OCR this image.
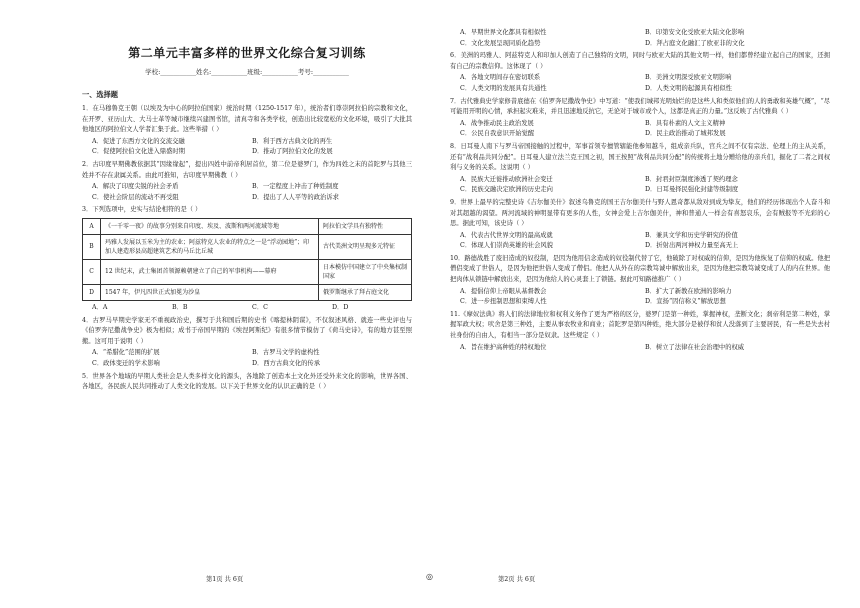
第二单元丰富多样的世界文化综合复习训练
学校:___________姓名:___________班级:___________考号:___________
一、选择题
1．在马穆鲁克王朝（以埃及为中心的阿拉伯国家）统治时期（1250-1517 年），统治者们尊崇阿拉伯的宗教和文化，在开罗、亚历山大、大马士革等城市继续兴建图书馆，清真寺和各类学校，创造出比较宽松的文化环境，吸引了大批其他地区的阿拉伯文人学者汇集于此。这些举措（ ）
A．促进了东西方文化的交流交融	B．利于西方古典文化的再生
C．促使阿拉伯文化进入鼎盛时期	D．推动了阿拉伯文化的发展
2．古印度早期佛教依据其“因缘缘起”，提出四姓中前帝利居首位，第二位是婆罗门，作为四姓之末的首陀罗与其他三姓并不存在隶属关系。由此可推知，古印度早期佛教（ ）
A．解决了印度尖锐的社会矛盾	B．一定程度上冲击了种姓制度
C．使社会阶层的流动不再受阻	D．提出了人人平等的政治诉求
3．下列选项中，史实与结论相符的是（ ）
A	《一千零一夜》的故事分别来自印度、埃及、波斯和两河流域等地	阿拉伯文学具有独特性
B	玛雅人发展以玉米为主的农业；阿兹特克人农业的特点之一是“浮动园地”；印加人建造形县高超建筑艺术的马丘比丘城	古代美洲文明呈现多元特征
C	12 世纪末，武士集团首领源赖朝建立了自己的军事机构——幕府	日本模仿中国建立了中央集权制国家
D	1547 年，伊凡四世正式加冕为沙皇	俄罗斯继承了拜占庭文化
A．A	B．B	C．C	D．D
4．古罗马早期史学家无不重视政治史，撰写于共和国后期的史书《喀提林阴谋》，不仅叙述风格、就连一些史评也与《伯罗奔尼撒战争史》极为相似；成书于帝国早期的《埃涅阿斯纪》有很多情节模仿了《荷马史诗》，有的地方甚至照搬。这可用于说明（ ）
A．“希腊化”范围的扩展	B．古罗马文学的虚构性
C．政体变迁的学术影响	D．西方古典文化的传承
5．世界各个地域的早期人类社会是人类多样文化的源头，各地除了创造本土文化外还受外来文化的影响，世界各国、各地区，各民族人民共同推动了人类文化的发展。以下关于世界文化的认识正确的是（ ）
A．早期世界文化都具有相似性	B．印第安文化受欧亚大陆文化影响
C．文化发展呈现同质化趋势	D．拜占庭文化融汇了欧亚非的文化
6．美洲的玛雅人、阿兹特克人和印加人创造了自己独特的文明，同时与欧亚大陆的其他文明一样，他们都曾经建立起自己的国家，还拥有自己的宗教信仰。这体现了（ ）
A．各地文明间存在密切联系	B．美洲文明深受欧亚文明影响
C．人类文明的发展具有共通性	D．人类文明的起源具有相似性
7．古代雅典史学家修昔底德在《伯罗奔尼撒战争史》中写道：“使我们城邦光明灿烂的是这些人和类似他们的人的勇敢和英雄气概”，“尽可能用开明的心情，承担起灾难来，并且迅速地反抗它，无论对于城市或个人，这都是真正的力量。”这反映了古代雅典（ ）
A．战争推动民主政治发展	B．具有朴素的人文主义精神
C．公民自我意识开始觉醒	D．民主政治推动了城邦发展
8．日耳曼人南下与罗马帝国接触的过程中，军事首领专擅管辖能他参知越斗，组成亲兵队，官兵之间不仅有宗法、伦理上的主从关系，还有“战利品共同分配”。日耳曼人建立法兰克王国之初，国王按照“战利品共同分配”的传统将土地分赠给他的亲兵们，掘化了二者之间权利与义务的关系。这说明（ ）
A．民族大迁徙推动欧洲社会变迁	B．封君封臣制度渗透了契约理念
C．民族交融决定欧洲的历史走向	D．日耳曼择民强化封建等级制度
9．世界上最早的完整史诗《吉尔伽美什》叙述乌鲁克的国王吉尔伽美什与野人恩奇都从敌对到成为挚友，他们的经历体现出个人奋斗和对其超越的渴望。两河流域的神明显带有更多的人性，女神会爱上吉尔伽美什，神和普通人一样会有喜怒哀乐，会有贼报等不光彩的心思。据此可知，该史诗（ ）
A．代表古代世界文明的最高成就	B．兼具文学和历史学研究的价值
C．体现人们崇尚英雄的社会风貌	D．折射出两河神权力量至高无上
10．路德战胜了废旧造成的奴役制，是因为他用信念造成的奴役制代替了它，他破除了对权威的信仰，是因为他恢复了信仰的权威。他把僧侣变成了世俗人，是因为他把世俗人变成了僧侣。他把人从外在的宗教笃诚中解放出来，是因为他把宗教笃诚变成了人的内在世界。他把肉体从锁链中解放出来，是因为他给人的心灵套上了锁链。据此可知路德推广（ ）
A．提倡信仰上帝眼从基督教会	B．扩大了新教在欧洲的影响力
C．进一步扭制思想和束缚人性	D．宣扬“因信称义”解放思想
11.《摩奴法典》将人们的法律地位和权利义务作了更为严格的区分，婆罗门是第一种姓，掌握神权，垄断文化；刹帝利是第二种姓，掌握军政大权；吠舍是第三种姓，主要从事农牧业和商业；首陀罗是第四种姓，绝大部分是被俘和贫人没落到了主要居民，有一些是失去村社身份的自由人，有相当一部分是奴隶。这些规定（ ）
A．旨在维护高种姓的特权地位	B．树立了法律在社会治理中的权威
第1页 共 6页	◎	第2页 共 6页
